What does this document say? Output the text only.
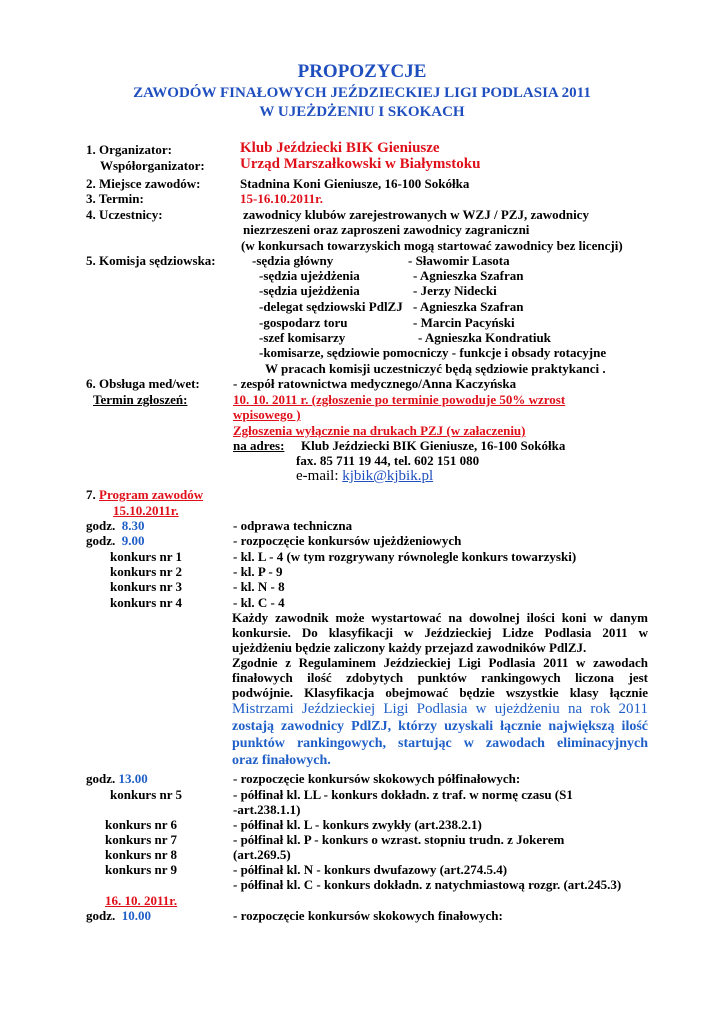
PROPOZYCJE
ZAWODÓW FINAŁOWYCH JEŹDZIECKIEJ LIGI PODLASIA 2011
W UJEŻDŻENIU I SKOKACH
1. Organizator:	Klub Jeździecki BIK Gieniusze
Współorganizator: Urząd Marszałkowski w Białymstoku
2. Miejsce zawodów:	Stadnina Koni Gieniusze, 16-100 Sokółka
3. Termin:	15-16.10.2011r.
4. Uczestnicy:	zawodnicy klubów zarejestrowanych w WZJ / PZJ, zawodnicy
niezrzeszeni oraz zaproszeni zawodnicy zagraniczni
(w konkursach towarzyskich mogą startować zawodnicy bez licencji)
5. Komisja sędziowska:	-sędzia główny	- Sławomir Lasota
-sędzia ujeżdżenia	- Agnieszka Szafran
-sędzia ujeżdżenia	- Jerzy Nidecki
-delegat sędziowski PdlZJ - Agnieszka Szafran
-gospodarz toru	- Marcin Pacyński
-szef komisarzy	- Agnieszka Kondratiuk
-komisarze, sędziowie pomocniczy - funkcje i obsady rotacyjne
W pracach komisji uczestniczyć będą sędziowie praktykanci .
6. Obsługa med/wet:	- zespół ratownictwa medycznego/Anna Kaczyńska
Termin zgłoszeń:	10. 10. 2011 r. (zgłoszenie po terminie powoduje 50% wzrost
wpisowego )
Zgłoszenia wyłącznie na drukach PZJ (w załaczeniu)
na adres: Klub Jeździecki BIK Gieniusze, 16-100 Sokółka
fax. 85 711 19 44, tel. 602 151 080
e-mail: kjbik@kjbik.pl
7. Program zawodów
15.10.2011r.
godz. 8.30	- odprawa techniczna
godz. 9.00	- rozpoczęcie konkursów ujeżdżeniowych
konkurs nr 1	- kl. L - 4 (w tym rozgrywany równolegle konkurs towarzyski)
konkurs nr 2	- kl. P - 9
konkurs nr 3	- kl. N - 8
konkurs nr 4	- kl. C - 4
Każdy zawodnik może wystartować na dowolnej ilości koni w danym
konkursie. Do klasyfikacji w Jeździeckiej Lidze Podlasia 2011 w
ujeżdżeniu będzie zaliczony każdy przejazd zawodników PdlZJ.
Zgodnie z Regulaminem Jeździeckiej Ligi Podlasia 2011 w zawodach
finałowych ilość zdobytych punktów rankingowych liczona jest
podwójnie. Klasyfikacja obejmować będzie wszystkie klasy łącznie
Mistrzami Jeździeckiej Ligi Podlasia w ujeżdżeniu na rok 2011
zostają zawodnicy PdlZJ, którzy uzyskali łącznie największą ilość
punktów rankingowych, startując w zawodach eliminacyjnych
oraz finałowych.
godz. 13.00	- rozpoczęcie konkursów skokowych półfinałowych:
konkurs nr 5	- półfinał kl. LL - konkurs dokładn. z traf. w normę czasu (S1
-art.238.1.1)
konkurs nr 6	- półfinał kl. L - konkurs zwykły (art.238.2.1)
konkurs nr 7	- półfinał kl. P - konkurs o wzrast. stopniu trudn. z Jokerem
konkurs nr 8	(art.269.5)
konkurs nr 9	- półfinał kl. N - konkurs dwufazowy (art.274.5.4)
- półfinał kl. C - konkurs dokładn. z natychmiastową rozgr. (art.245.3)
16. 10. 2011r.
godz. 10.00	- rozpoczęcie konkursów skokowych finałowych:
